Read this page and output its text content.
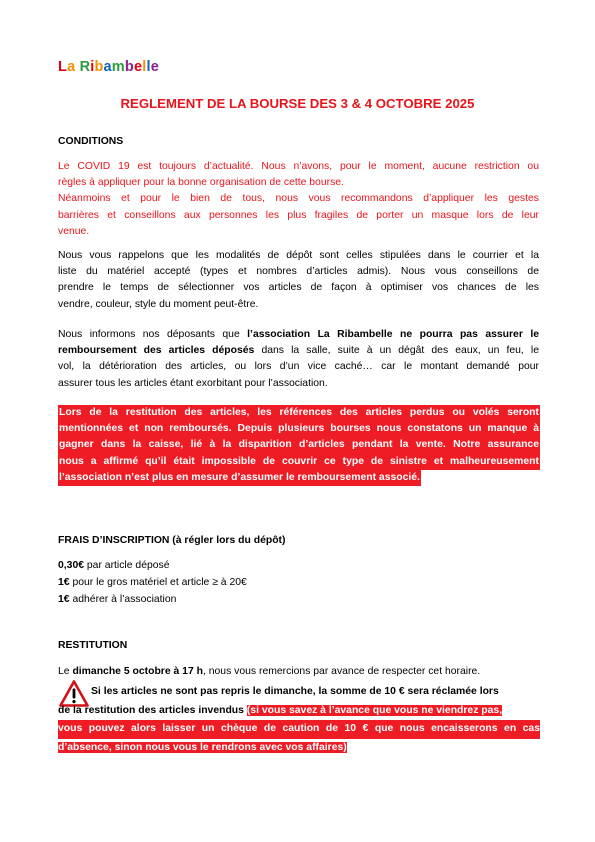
La Ribambelle
REGLEMENT DE LA BOURSE DES 3 & 4 OCTOBRE 2025
CONDITIONS
Le COVID 19 est toujours d’actualité. Nous n’avons, pour le moment, aucune restriction ou
règles à appliquer pour la bonne organisation de cette bourse.
Néanmoins et pour le bien de tous, nous vous recommandons d’appliquer les gestes
barrières et conseillons aux personnes les plus fragiles de porter un masque lors de leur
venue.
Nous vous rappelons que les modalités de dépôt sont celles stipulées dans le courrier et la
liste du matériel accepté (types et nombres d’articles admis). Nous vous conseillons de
prendre le temps de sélectionner vos articles de façon à optimiser vos chances de les
vendre, couleur, style du moment peut-être.
Nous informons nos déposants que l’association La Ribambelle ne pourra pas assurer le
remboursement des articles déposés dans la salle, suite à un dégât des eaux, un feu, le
vol, la détérioration des articles, ou lors d’un vice caché… car le montant demandé pour
assurer tous les articles étant exorbitant pour l’association.
Lors de la restitution des articles, les références des articles perdus ou volés seront
mentionnées et non remboursés. Depuis plusieurs bourses nous constatons un manque à
gagner dans la caisse, lié à la disparition d’articles pendant la vente. Notre assurance
nous a affirmé qu’il était impossible de couvrir ce type de sinistre et malheureusement
l’association n’est plus en mesure d’assumer le remboursement associé.
FRAIS D’INSCRIPTION (à régler lors du dépôt)
0,30€ par article déposé
1€ pour le gros matériel et article ≥ à 20€
1€ adhérer à l’association
RESTITUTION
Le dimanche 5 octobre à 17 h, nous vous remercions par avance de respecter cet horaire.
Si les articles ne sont pas repris le dimanche, la somme de 10 € sera réclamée lors
de la restitution des articles invendus (si vous savez à l’avance que vous ne viendrez pas,
vous pouvez alors laisser un chèque de caution de 10 € que nous encaisserons en cas
d’absence, sinon nous vous le rendrons avec vos affaires)
